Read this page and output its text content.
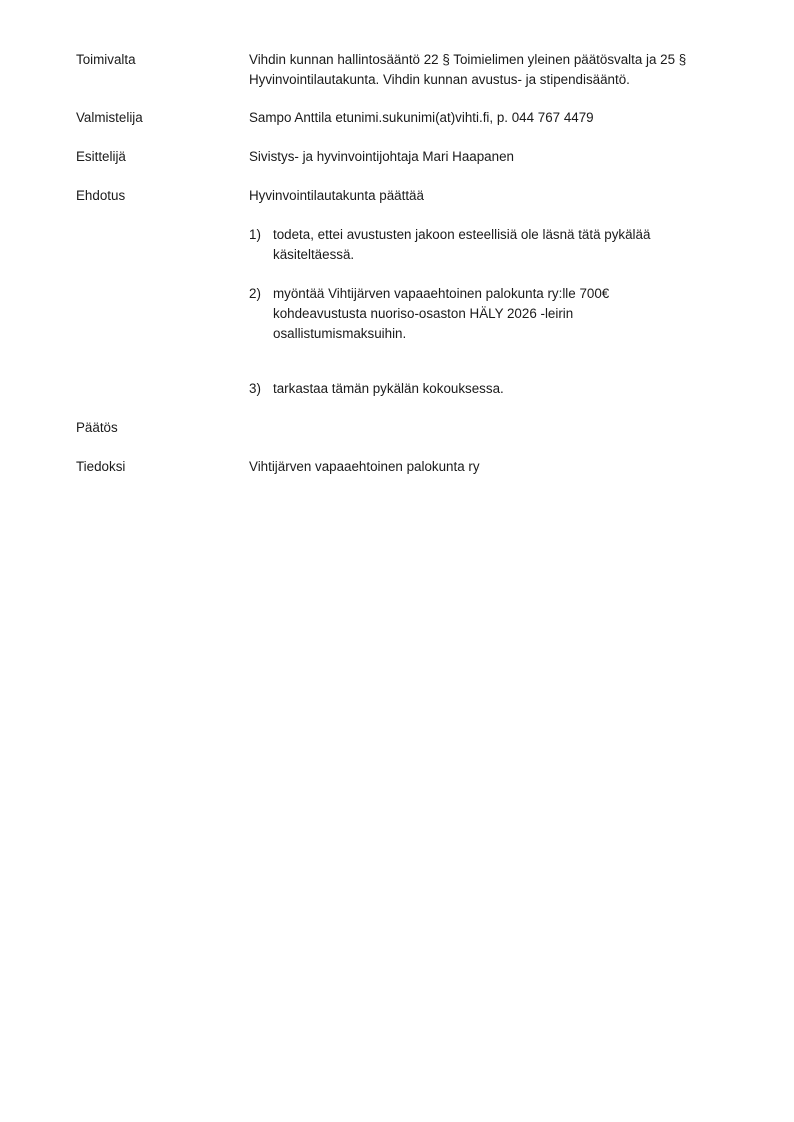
Toimivalta	Vihdin kunnan hallintosääntö 22 § Toimielimen yleinen päätösvalta ja 25 §

Hyvinvointilautakunta. Vihdin kunnan avustus- ja stipendisääntö.

Valmistelija	Sampo Anttila etunimi.sukunimi(at)vihti.fi, p. 044 767 4479
Esittelijä	Sivistys- ja hyvinvointijohtaja Mari Haapanen
Ehdotus	Hyvinvointilautakunta päättää
1) todeta, ettei avustusten jakoon esteellisiä ole läsnä tätä pykälää

käsiteltäessä.

2) myöntää Vihtijärven vapaaehtoinen palokunta ry:lle 700€

kohdeavustusta nuoriso-osaston HÄLY 2026 -leirin

osallistumismaksuihin.

3) tarkastaa tämän pykälän kokouksessa.

Päätös
Tiedoksi	Vihtijärven vapaaehtoinen palokunta ry
